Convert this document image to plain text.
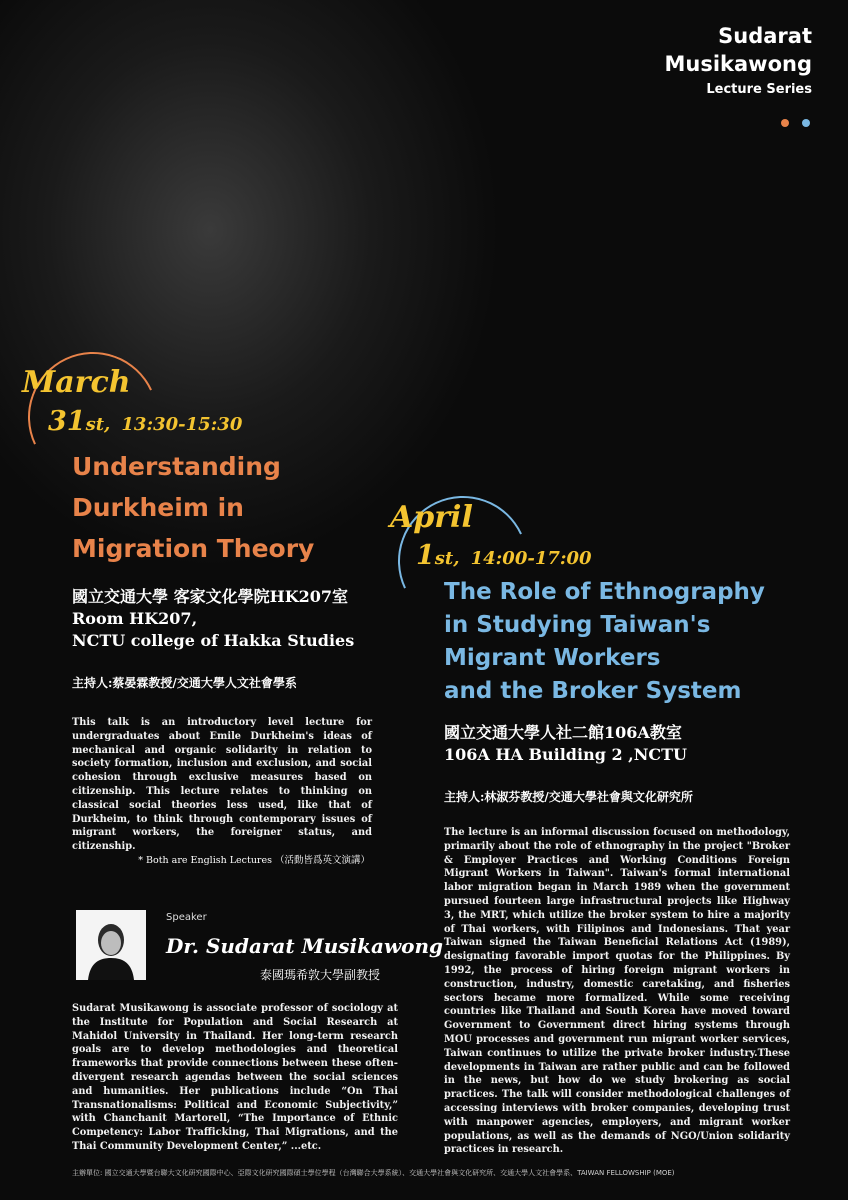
Sudarat
Musikawong
Lecture Series

March
31st, 13:30-15:30
Understanding
Durkheim in
Migration Theory
國立交通大學 客家文化學院HK207室
Room HK207,
NCTU college of Hakka Studies
主持人:蔡晏霖教授/交通大學人文社會學系
This talk is an introductory level lecture for undergraduates about Emile Durkheim's ideas of mechanical and organic solidarity in relation to society formation, inclusion and exclusion, and social cohesion through exclusive measures based on citizenship. This lecture relates to thinking on classical social theories less used, like that of Durkheim, to think through contemporary issues of migrant workers, the foreigner status, and citizenship.
* Both are English Lectures （活動皆爲英文演講）
Speaker
Dr. Sudarat Musikawong
泰國瑪希敦大學副教授
Sudarat Musikawong is associate professor of sociology at the Institute for Population and Social Research at Mahidol University in Thailand. Her long-term research goals are to develop methodologies and theoretical frameworks that provide connections between these often-divergent research agendas between the social sciences and humanities. Her publications include “On Thai Transnationalisms: Political and Economic Subjectivity,” with Chanchanit Martorell, “The Importance of Ethnic Competency: Labor Trafficking, Thai Migrations, and the Thai Community Development Center,” ...etc.
April
1st, 14:00-17:00
The Role of Ethnography
in Studying Taiwan's
Migrant Workers
and the Broker System
國立交通大學人社二館106A教室
106A HA Building 2 ,NCTU
主持人:林淑芬教授/交通大學社會與文化研究所
The lecture is an informal discussion focused on methodology, primarily about the role of ethnography in the project "Broker & Employer Practices and Working Conditions Foreign Migrant Workers in Taiwan". Taiwan's formal international labor migration began in March 1989 when the government pursued fourteen large infrastructural projects like Highway 3, the MRT, which utilize the broker system to hire a majority of Thai workers, with Filipinos and Indonesians. That year Taiwan signed the Taiwan Beneficial Relations Act (1989), designating favorable import quotas for the Philippines. By 1992, the process of hiring foreign migrant workers in construction, industry, domestic caretaking, and fisheries sectors became more formalized. While some receiving countries like Thailand and South Korea have moved toward Government to Government direct hiring systems through MOU processes and government run migrant worker services, Taiwan continues to utilize the private broker industry.These developments in Taiwan are rather public and can be followed in the news, but how do we study brokering as social practices. The talk will consider methodological challenges of accessing interviews with broker companies, developing trust with manpower agencies, employers, and migrant worker populations, as well as the demands of NGO/Union solidarity practices in research.
主辦單位: 國立交通大學暨台聯大文化研究國際中心、亞際文化研究國際碩士學位學程（台灣聯合大學系統）、交通大學社會與文化研究所、交通大學人文社會學系、TAIWAN FELLOWSHIP (MOE)
